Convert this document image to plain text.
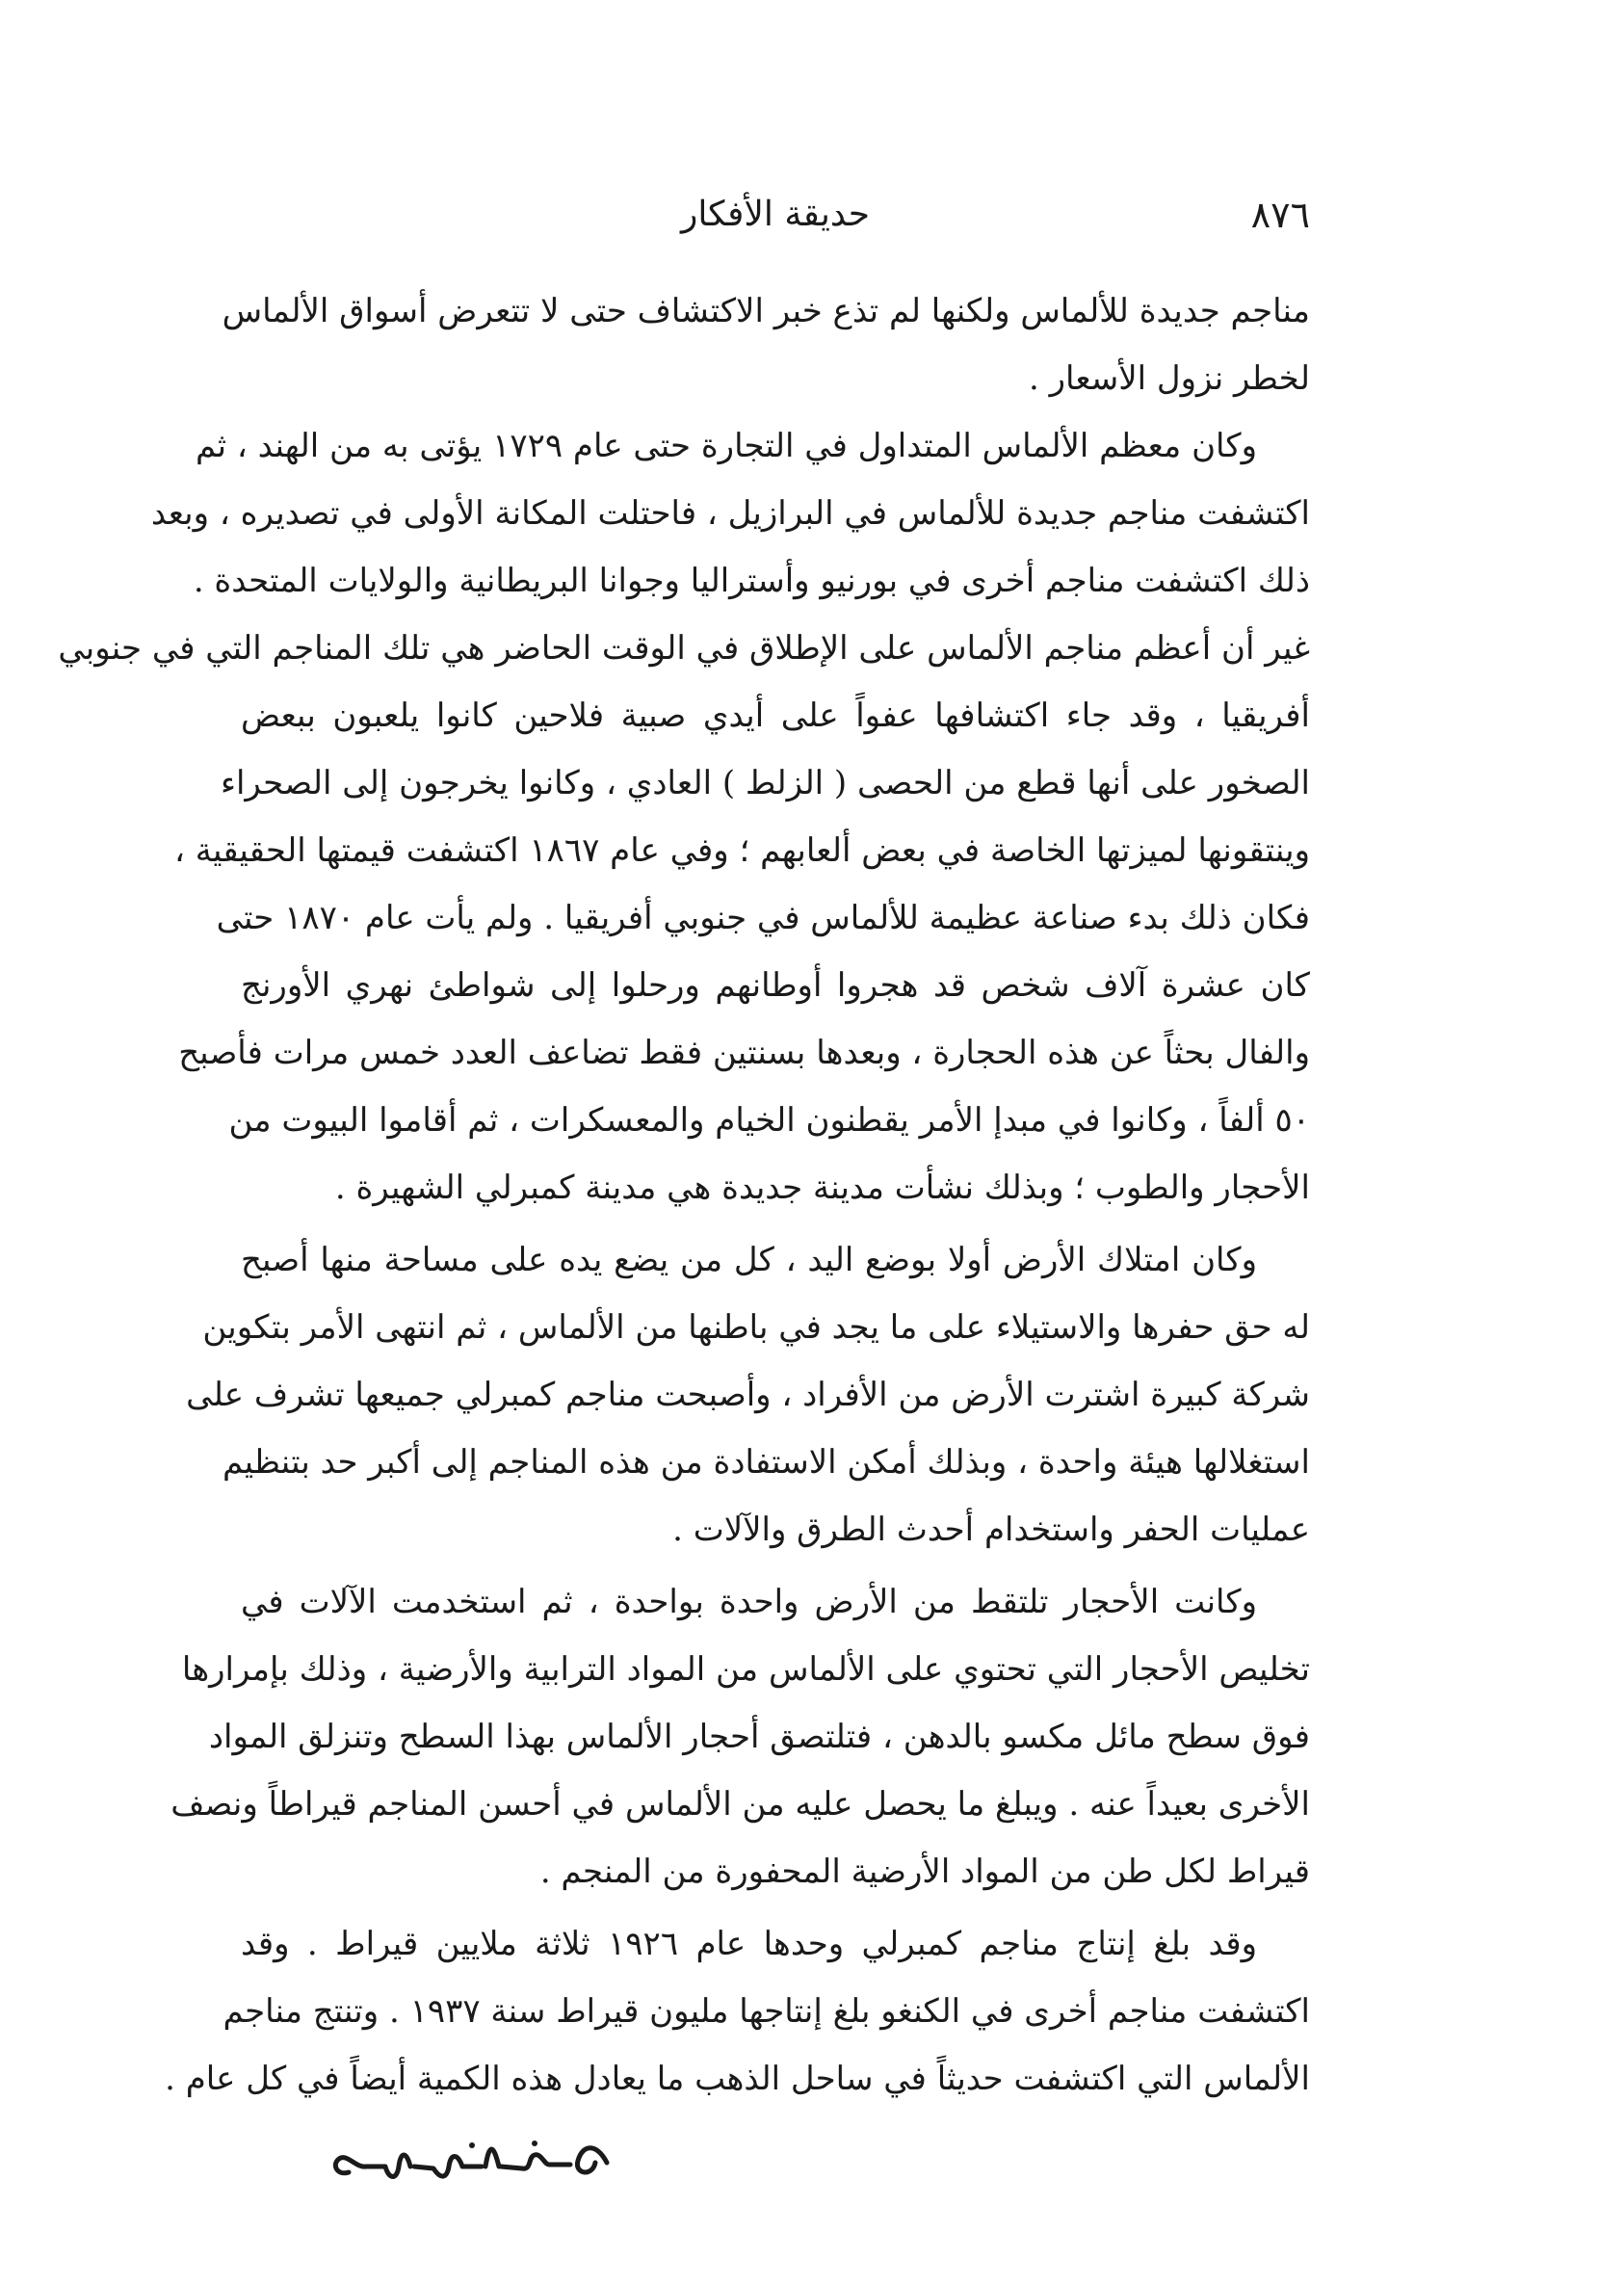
٨٧٦
حديقة الأفكار
مناجم جديدة للألماس ولكنها لم تذع خبر الاكتشاف حتى لا تتعرض أسواق الألماس
لخطر نزول الأسعار .
وكان معظم الألماس المتداول في التجارة حتى عام ١٧٢٩ يؤتى به من الهند ، ثم
اكتشفت مناجم جديدة للألماس في البرازيل ، فاحتلت المكانة الأولى في تصديره ، وبعد
ذلك اكتشفت مناجم أخرى في بورنيو وأستراليا وجوانا البريطانية والولايات المتحدة .
غير أن أعظم مناجم الألماس على الإطلاق في الوقت الحاضر هي تلك المناجم التي في جنوبي
أفريقيا ، وقد جاء اكتشافها عفواً على أيدي صبية فلاحين كانوا يلعبون ببعض
الصخور على أنها قطع من الحصى ( الزلط ) العادي ، وكانوا يخرجون إلى الصحراء
وينتقونها لميزتها الخاصة في بعض ألعابهم ؛ وفي عام ١٨٦٧ اكتشفت قيمتها الحقيقية ،
فكان ذلك بدء صناعة عظيمة للألماس في جنوبي أفريقيا . ولم يأت عام ١٨٧٠ حتى
كان عشرة آلاف شخص قد هجروا أوطانهم ورحلوا إلى شواطئ نهري الأورنج
والفال بحثاً عن هذه الحجارة ، وبعدها بسنتين فقط تضاعف العدد خمس مرات فأصبح
٥٠ ألفاً ، وكانوا في مبدإ الأمر يقطنون الخيام والمعسكرات ، ثم أقاموا البيوت من
الأحجار والطوب ؛ وبذلك نشأت مدينة جديدة هي مدينة كمبرلي الشهيرة .
وكان امتلاك الأرض أولا بوضع اليد ، كل من يضع يده على مساحة منها أصبح
له حق حفرها والاستيلاء على ما يجد في باطنها من الألماس ، ثم انتهى الأمر بتكوين
شركة كبيرة اشترت الأرض من الأفراد ، وأصبحت مناجم كمبرلي جميعها تشرف على
استغلالها هيئة واحدة ، وبذلك أمكن الاستفادة من هذه المناجم إلى أكبر حد بتنظيم
عمليات الحفر واستخدام أحدث الطرق والآلات .
وكانت الأحجار تلتقط من الأرض واحدة بواحدة ، ثم استخدمت الآلات في
تخليص الأحجار التي تحتوي على الألماس من المواد الترابية والأرضية ، وذلك بإمرارها
فوق سطح مائل مكسو بالدهن ، فتلتصق أحجار الألماس بهذا السطح وتنزلق المواد
الأخرى بعيداً عنه . ويبلغ ما يحصل عليه من الألماس في أحسن المناجم قيراطاً ونصف
قيراط لكل طن من المواد الأرضية المحفورة من المنجم .
وقد بلغ إنتاج مناجم كمبرلي وحدها عام ١٩٢٦ ثلاثة ملايين قيراط . وقد
اكتشفت مناجم أخرى في الكنغو بلغ إنتاجها مليون قيراط سنة ١٩٣٧ . وتنتج مناجم
الألماس التي اكتشفت حديثاً في ساحل الذهب ما يعادل هذه الكمية أيضاً في كل عام .
